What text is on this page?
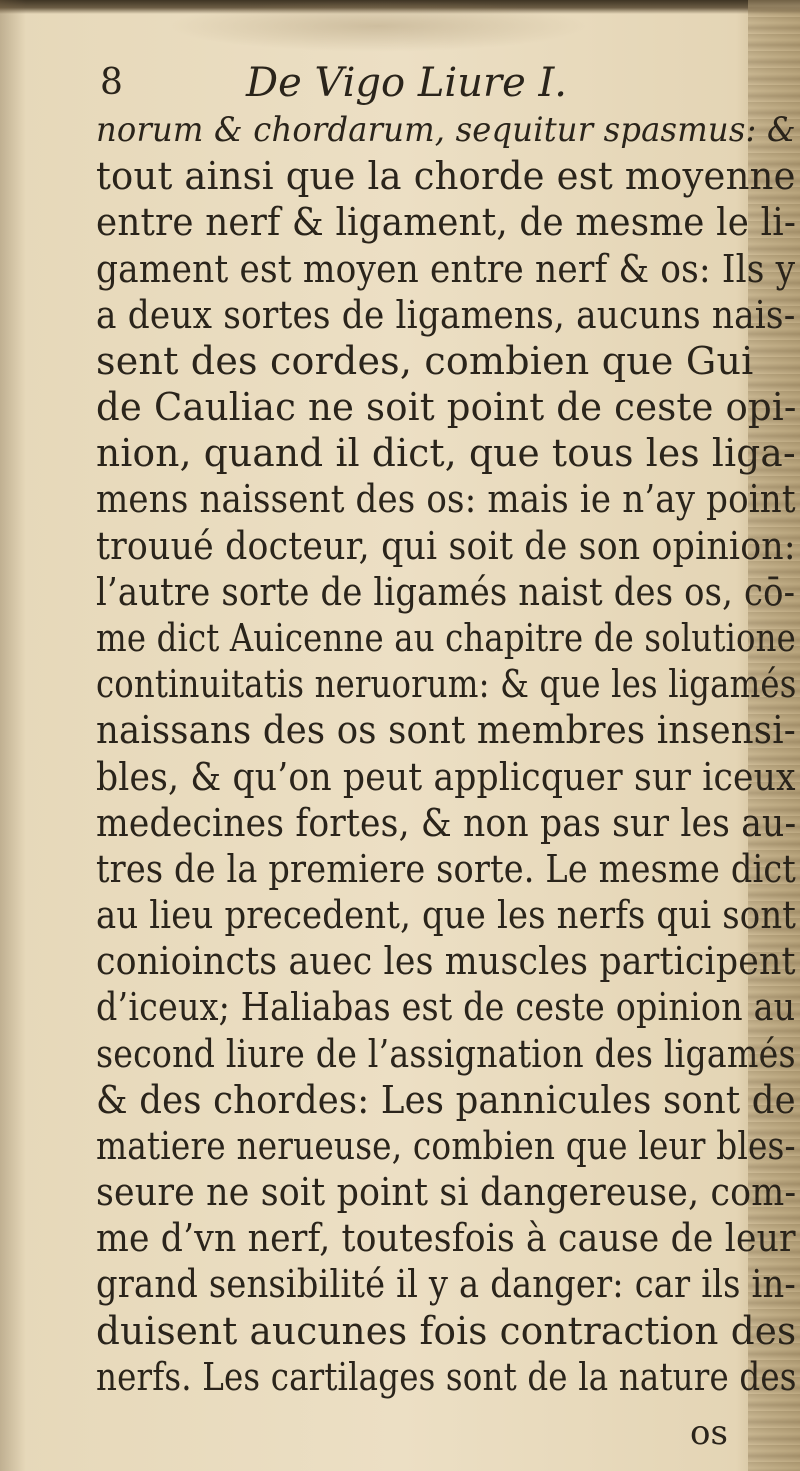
8	De Vigo Liure I.
norum & chordarum, sequitur spasmus: &
tout ainsi que la chorde est moyenne
entre nerf & ligament, de mesme le li-
gament est moyen entre nerf & os: Ils y
a deux sortes de ligamens, aucuns nais-
sent des cordes, combien que Gui
de Cauliac ne soit point de ceste opi-
nion, quand il dict, que tous les liga-
mens naissent des os: mais ie n’ay point
trouué docteur, qui soit de son opinion:
l’autre sorte de ligamés naist des os, cō-
me dict Auicenne au chapitre de solutione
continuitatis neruorum: & que les ligamés
naissans des os sont membres insensi-
bles, & qu’on peut applicquer sur iceux
medecines fortes, & non pas sur les au-
tres de la premiere sorte. Le mesme dict
au lieu precedent, que les nerfs qui sont
conioincts auec les muscles participent
d’iceux; Haliabas est de ceste opinion au
second liure de l’assignation des ligamés
& des chordes: Les pannicules sont de
matiere nerueuse, combien que leur bles-
seure ne soit point si dangereuse, com-
me d’vn nerf, toutesfois à cause de leur
grand sensibilité il y a danger: car ils in-
os
duisent aucunes fois contraction des
nerfs. Les cartilages sont de la nature des
